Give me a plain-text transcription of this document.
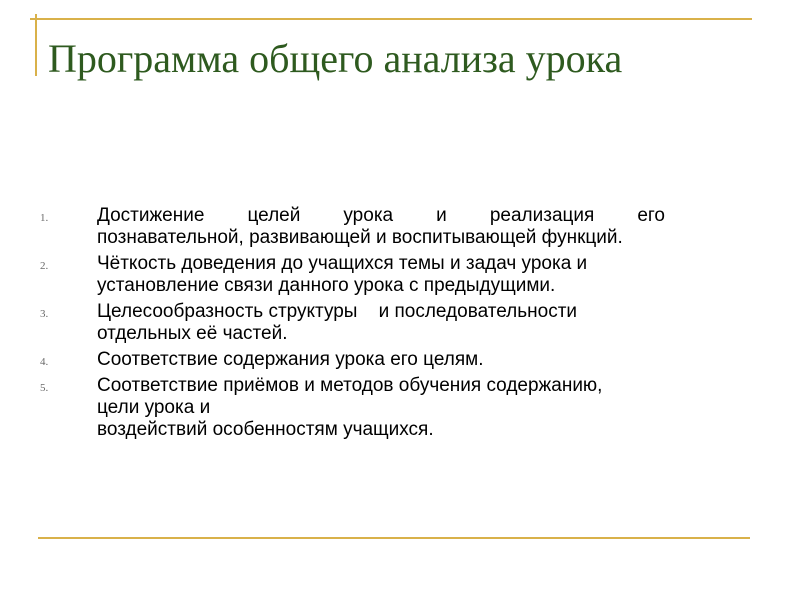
Программа общего анализа урока
1.	Достижение целей урока и реализация его
познавательной, развивающей и воспитывающей функций.
2.	Чёткость доведения до учащихся темы и задач урока и
установление связи данного урока с предыдущими.
3.	Целесообразность структуры    и последовательности
отдельных её частей.
4.	Соответствие содержания урока его целям.
5.	Соответствие приёмов и методов обучения содержанию,
цели урока и
воздействий особенностям учащихся.
